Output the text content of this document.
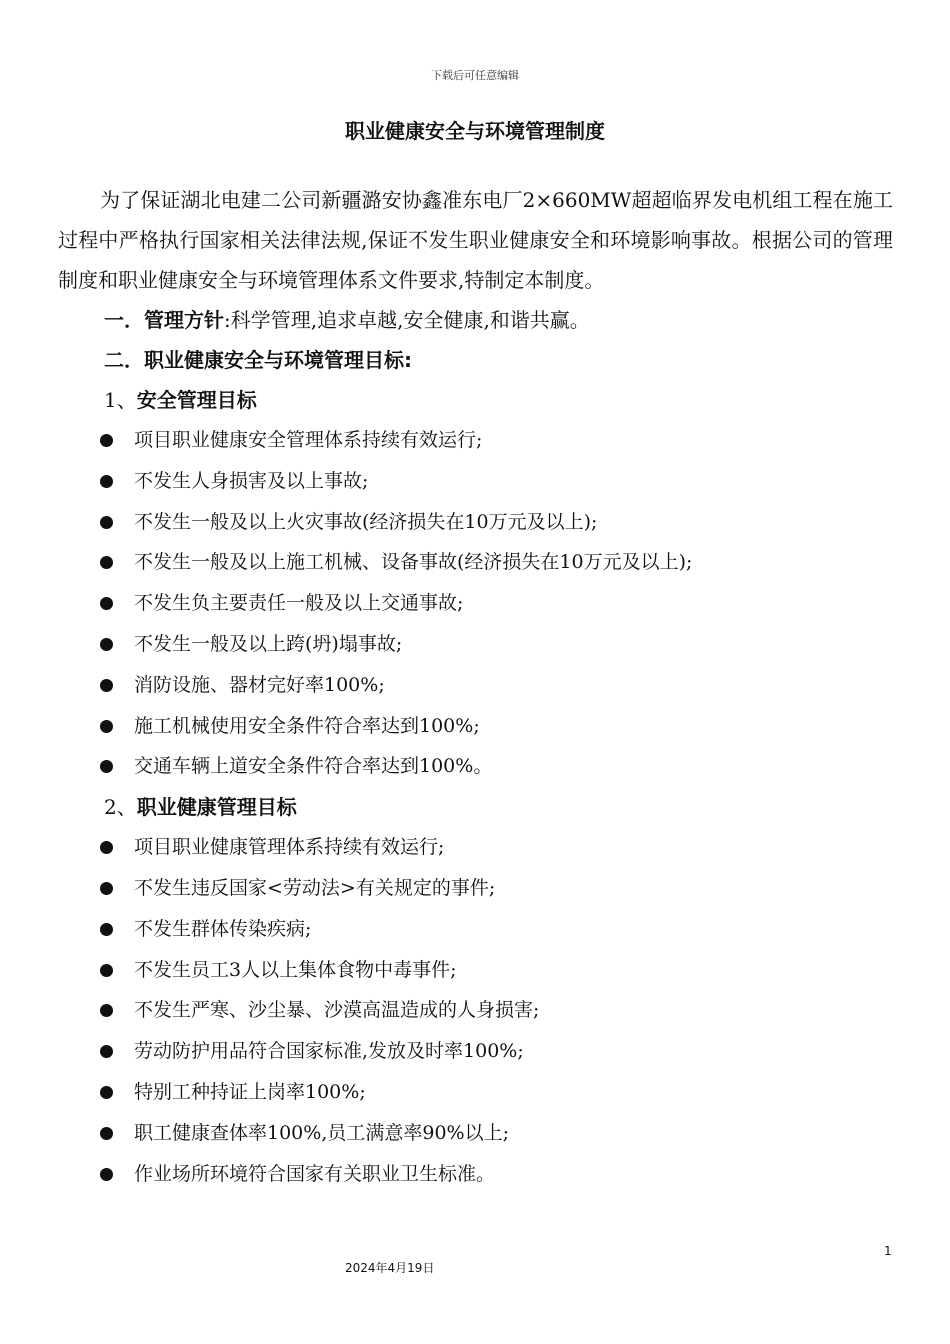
下载后可任意编辑
职业健康安全与环境管理制度

为了保证湖北电建二公司新疆潞安协鑫准东电厂2×660MW超超临界发电机组工程在施工过程中严格执行国家相关法律法规,保证不发生职业健康安全和环境影响事故。根据公司的管理制度和职业健康安全与环境管理体系文件要求,特制定本制度。

一．管理方针:科学管理,追求卓越,安全健康,和谐共赢。
二．职业健康安全与环境管理目标:
1、安全管理目标
项目职业健康安全管理体系持续有效运行;
不发生人身损害及以上事故;
不发生一般及以上火灾事故(经济损失在10万元及以上);
不发生一般及以上施工机械、设备事故(经济损失在10万元及以上);
不发生负主要责任一般及以上交通事故;
不发生一般及以上跨(坍)塌事故;
消防设施、器材完好率100%;
施工机械使用安全条件符合率达到100%;
交通车辆上道安全条件符合率达到100%。
2、职业健康管理目标
项目职业健康管理体系持续有效运行;
不发生违反国家<劳动法>有关规定的事件;
不发生群体传染疾病;
不发生员工3人以上集体食物中毒事件;
不发生严寒、沙尘暴、沙漠高温造成的人身损害;
劳动防护用品符合国家标准,发放及时率100%;
特别工种持证上岗率100%;
职工健康查体率100%,员工满意率90%以上;
作业场所环境符合国家有关职业卫生标准。
1
2024年4月19日
